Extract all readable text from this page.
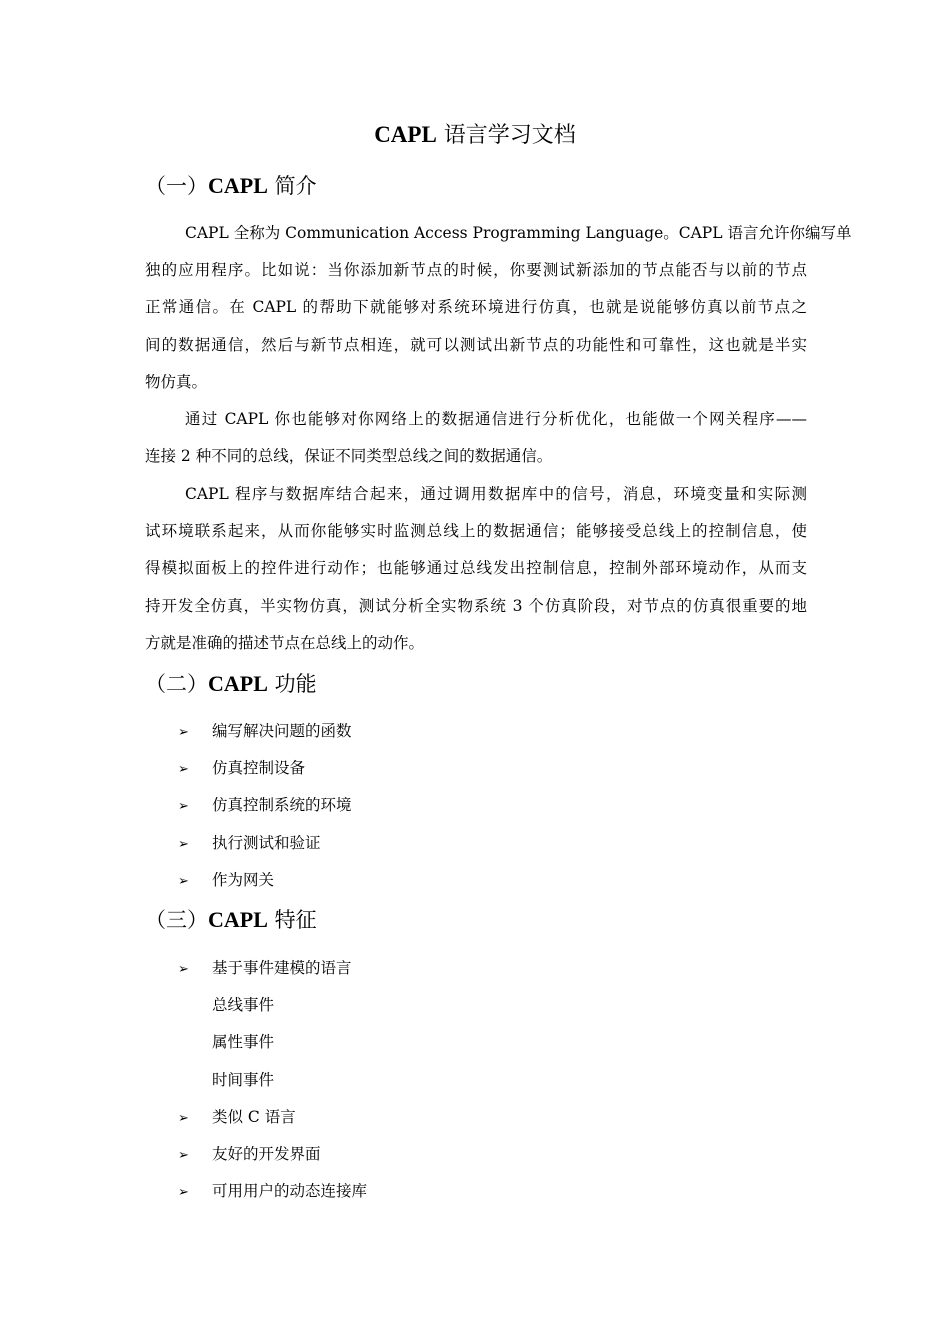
CAPL 语言学习文档
（一）CAPL 简介
CAPL 全称为 Communication Access Programming Language。CAPL 语言允许你编写单
独的应用程序。比如说：当你添加新节点的时候，你要测试新添加的节点能否与以前的节点
正常通信。在 CAPL 的帮助下就能够对系统环境进行仿真，也就是说能够仿真以前节点之
间的数据通信，然后与新节点相连，就可以测试出新节点的功能性和可靠性，这也就是半实
物仿真。
通过 CAPL 你也能够对你网络上的数据通信进行分析优化，也能做一个网关程序——
连接 2 种不同的总线，保证不同类型总线之间的数据通信。
CAPL 程序与数据库结合起来，通过调用数据库中的信号，消息，环境变量和实际测
试环境联系起来，从而你能够实时监测总线上的数据通信；能够接受总线上的控制信息，使
得模拟面板上的控件进行动作；也能够通过总线发出控制信息，控制外部环境动作，从而支
持开发全仿真，半实物仿真，测试分析全实物系统 3 个仿真阶段，对节点的仿真很重要的地
方就是准确的描述节点在总线上的动作。
（二）CAPL 功能
➢ 编写解决问题的函数
➢ 仿真控制设备
➢ 仿真控制系统的环境
➢ 执行测试和验证
➢ 作为网关
（三）CAPL 特征
➢ 基于事件建模的语言
总线事件
属性事件
时间事件
➢ 类似 C 语言
➢ 友好的开发界面
➢ 可用用户的动态连接库
